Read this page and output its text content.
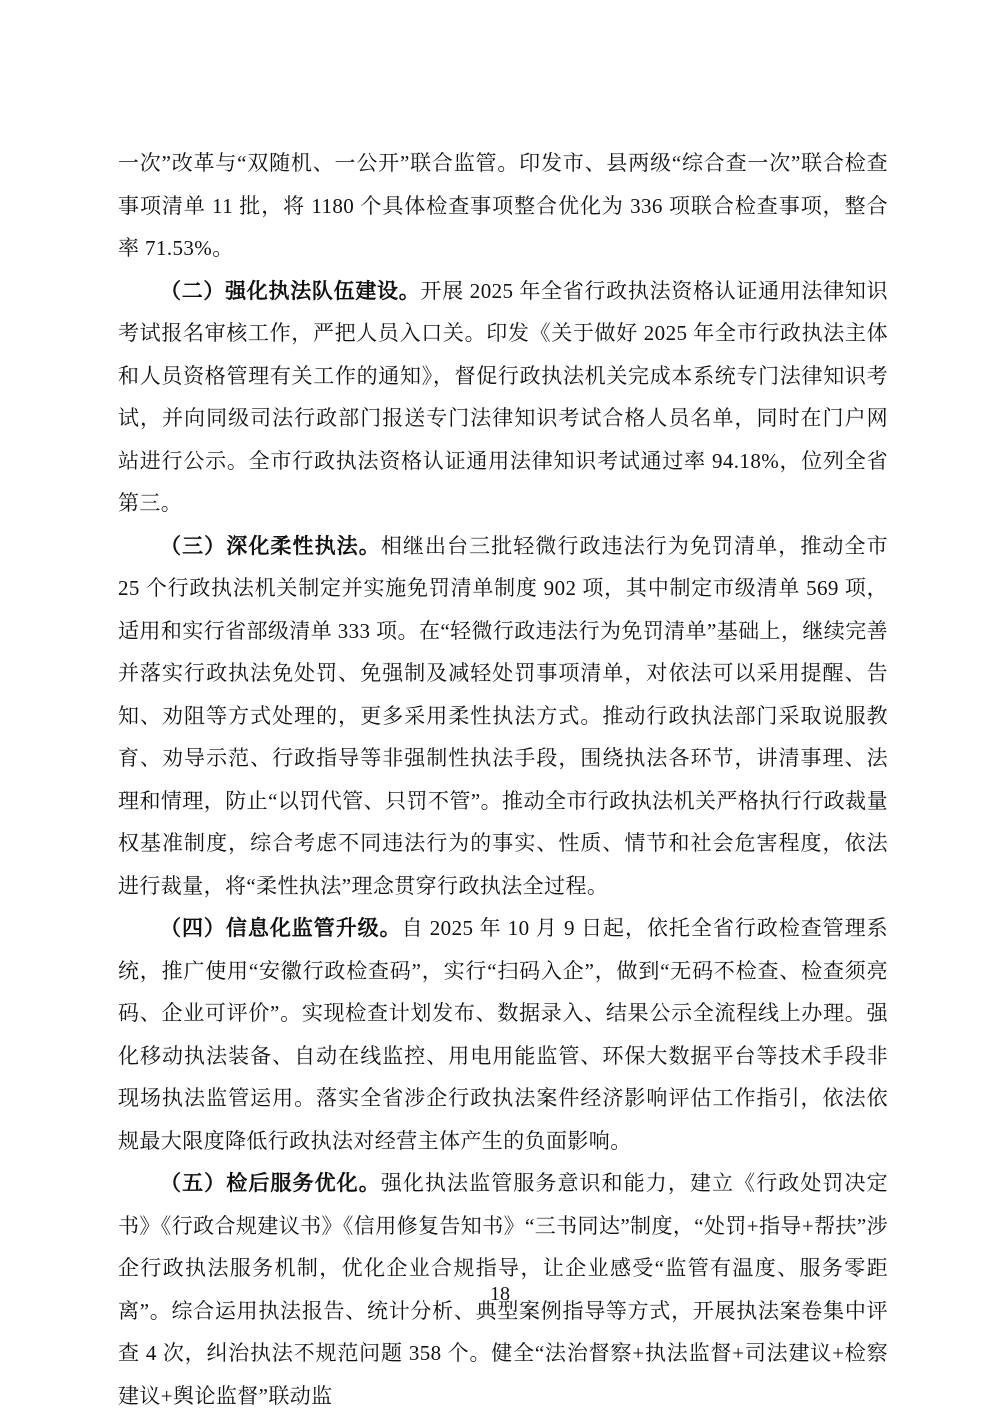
一次”改革与“双随机、一公开”联合监管。印发市、县两级“综合查一次”联合检查事项清单 11 批，将 1180 个具体检查事项整合优化为 336 项联合检查事项，整合率 71.53%。

（二）强化执法队伍建设。开展 2025 年全省行政执法资格认证通用法律知识考试报名审核工作，严把人员入口关。印发《关于做好 2025 年全市行政执法主体和人员资格管理有关工作的通知》，督促行政执法机关完成本系统专门法律知识考试，并向同级司法行政部门报送专门法律知识考试合格人员名单，同时在门户网站进行公示。全市行政执法资格认证通用法律知识考试通过率 94.18%，位列全省第三。

（三）深化柔性执法。相继出台三批轻微行政违法行为免罚清单，推动全市 25 个行政执法机关制定并实施免罚清单制度 902 项，其中制定市级清单 569 项，适用和实行省部级清单 333 项。在“轻微行政违法行为免罚清单”基础上，继续完善并落实行政执法免处罚、免强制及减轻处罚事项清单，对依法可以采用提醒、告知、劝阻等方式处理的，更多采用柔性执法方式。推动行政执法部门采取说服教育、劝导示范、行政指导等非强制性执法手段，围绕执法各环节，讲清事理、法理和情理，防止“以罚代管、只罚不管”。推动全市行政执法机关严格执行行政裁量权基准制度，综合考虑不同违法行为的事实、性质、情节和社会危害程度，依法进行裁量，将“柔性执法”理念贯穿行政执法全过程。

（四）信息化监管升级。自 2025 年 10 月 9 日起，依托全省行政检查管理系统，推广使用“安徽行政检查码”，实行“扫码入企”，做到“无码不检查、检查须亮码、企业可评价”。实现检查计划发布、数据录入、结果公示全流程线上办理。强化移动执法装备、自动在线监控、用电用能监管、环保大数据平台等技术手段非现场执法监管运用。落实全省涉企行政执法案件经济影响评估工作指引，依法依规最大限度降低行政执法对经营主体产生的负面影响。

（五）检后服务优化。强化执法监管服务意识和能力，建立《行政处罚决定书》《行政合规建议书》《信用修复告知书》“三书同达”制度，“处罚+指导+帮扶”涉企行政执法服务机制，优化企业合规指导，让企业感受“监管有温度、服务零距离”。综合运用执法报告、统计分析、典型案例指导等方式，开展执法案卷集中评查 4 次，纠治执法不规范问题 358 个。健全“法治督察+执法监督+司法建议+检察建议+舆论监督”联动监

18
